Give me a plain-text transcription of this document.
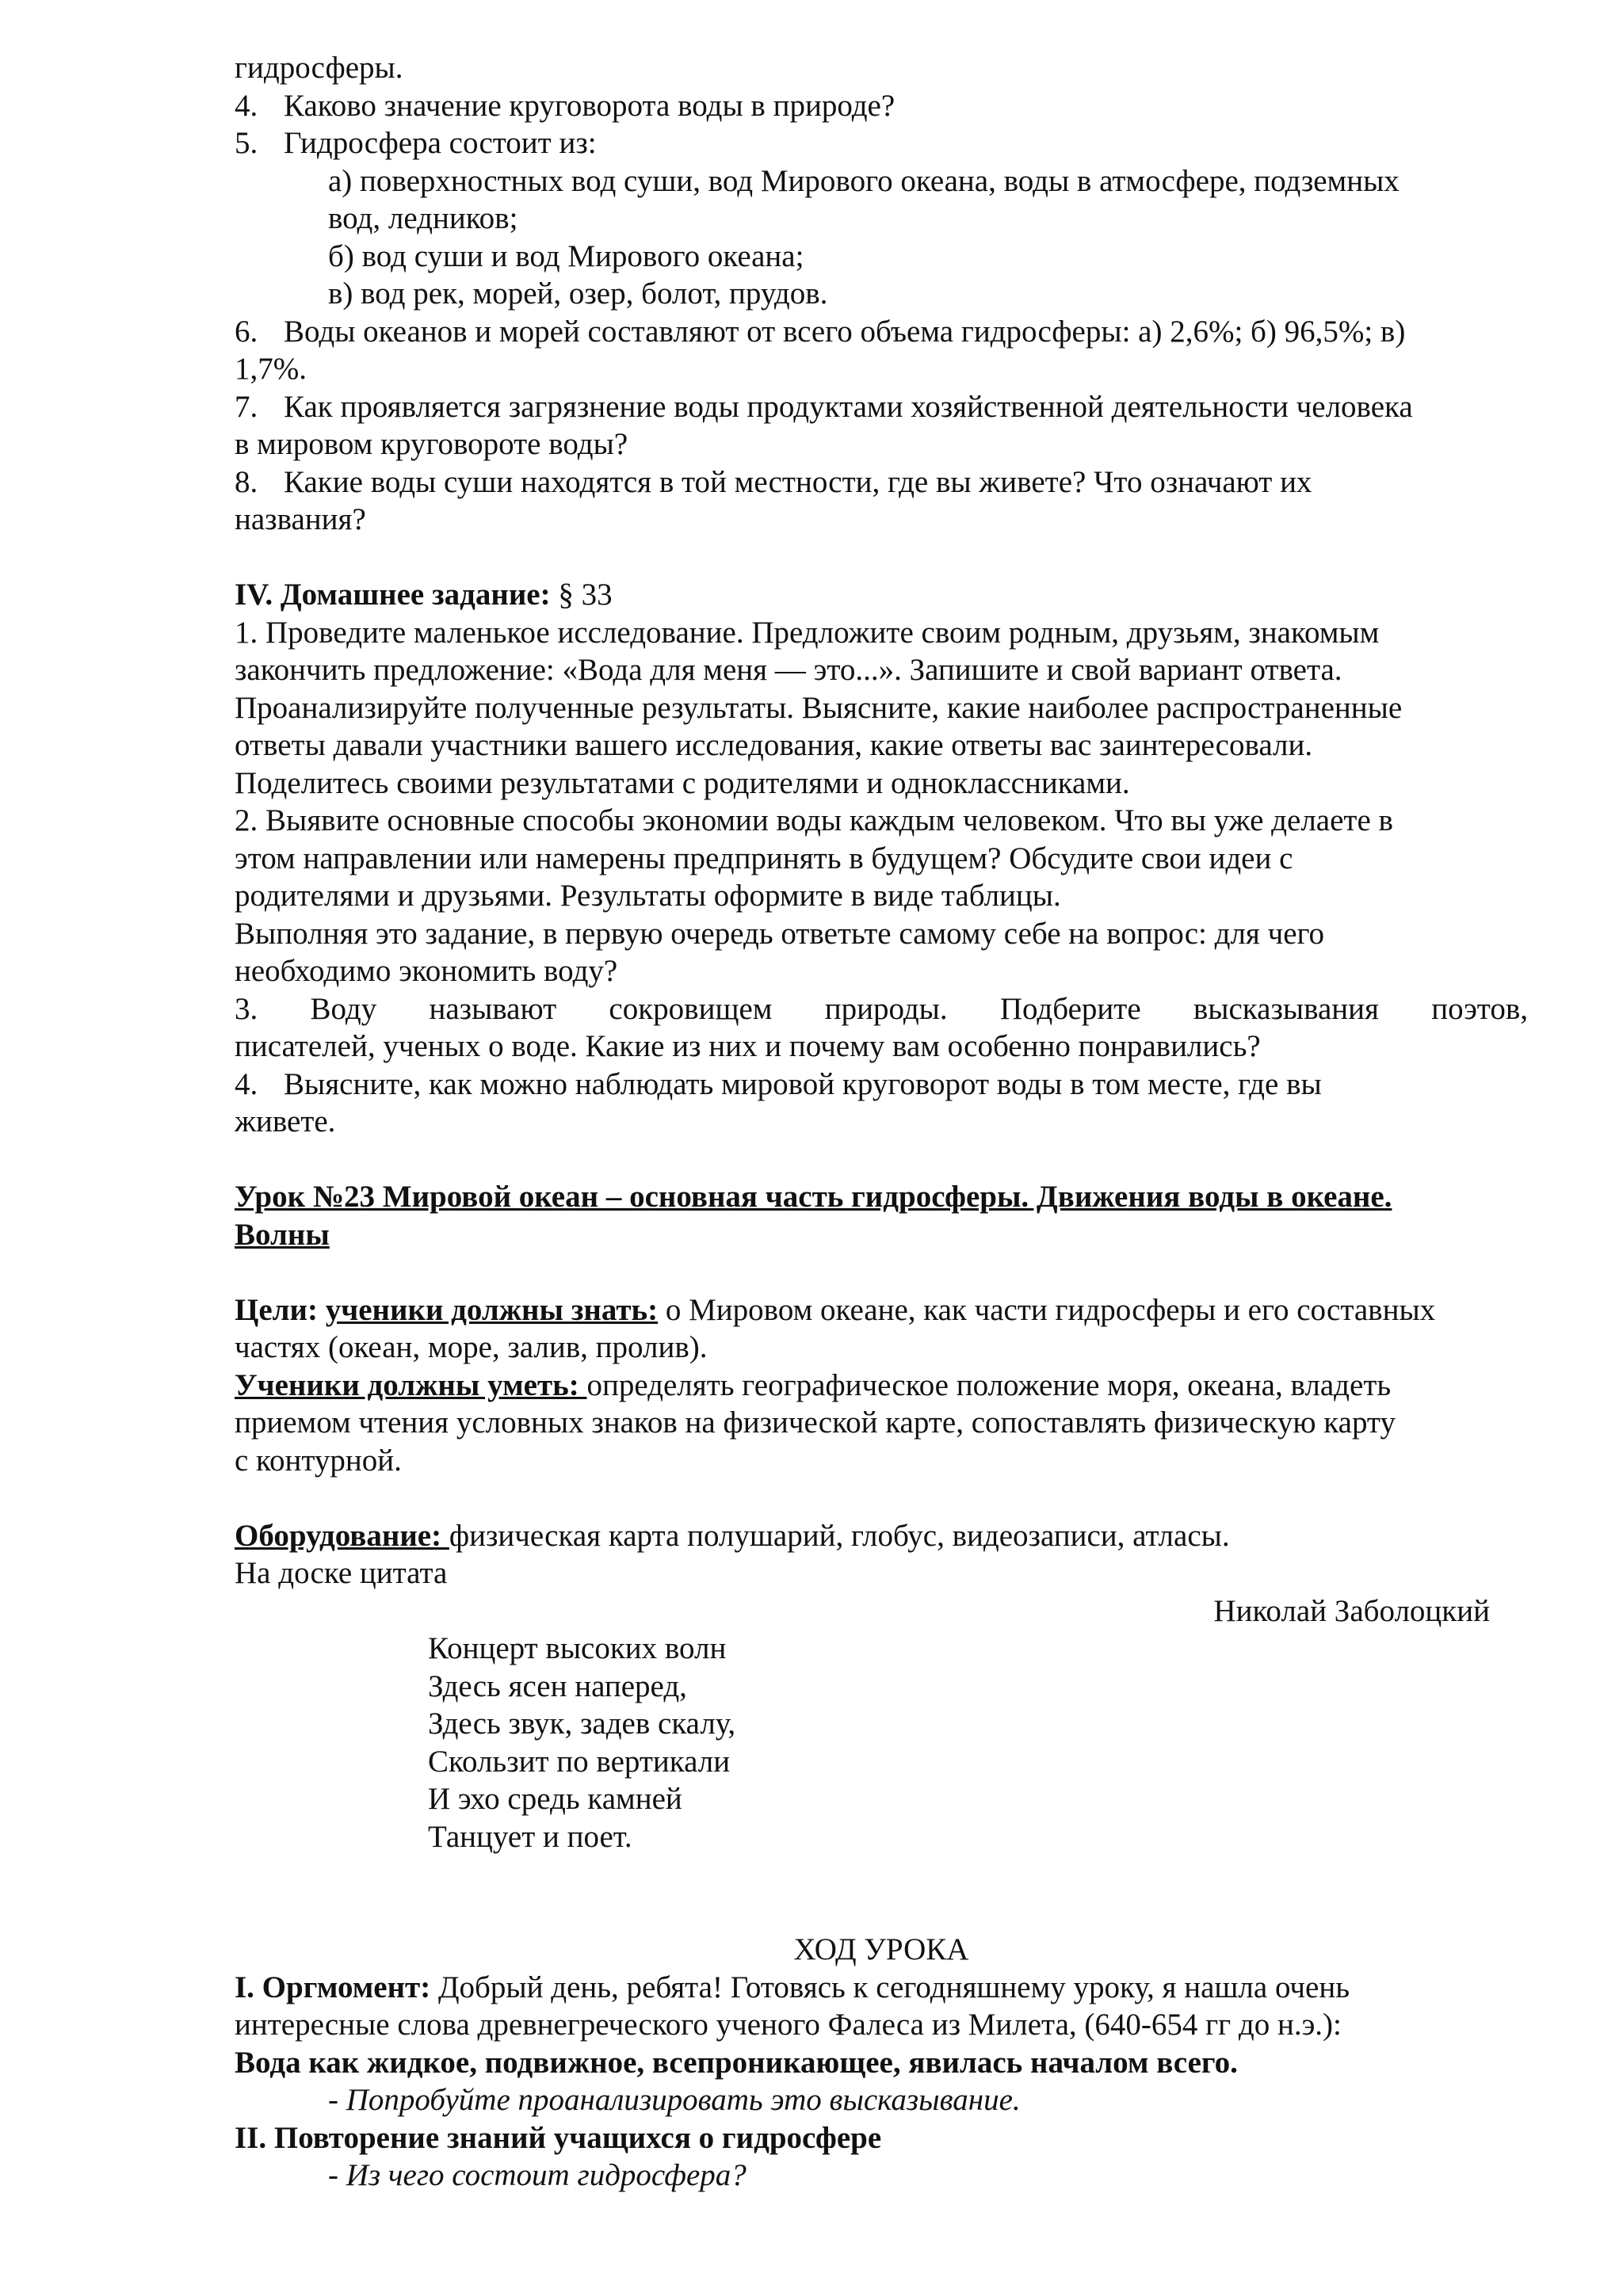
гидросферы.

4. Каково значение круговорота воды в природе?

5. Гидросфера состоит из:

а) поверхностных вод суши, вод Мирового океана, воды в атмосфере, подземных

вод, ледников;

б) вод суши и вод Мирового океана;

в) вод рек, морей, озер, болот, прудов.

6. Воды океанов и морей составляют от всего объема гидросферы: а) 2,6%; б) 96,5%; в)

1,7%.

7. Как проявляется загрязнение воды продуктами хозяйственной деятельности человека

в мировом круговороте воды?

8. Какие воды суши находятся в той местности, где вы живете? Что означают их

названия?

IV. Домашнее задание: § 33

1. Проведите маленькое исследование. Предложите своим родным, друзьям, знакомым

закончить предложение: «Вода для меня — это...». Запишите и свой вариант ответа.

Проанализируйте полученные результаты. Выясните, какие наиболее распространенные

ответы давали участники вашего исследования, какие ответы вас заинтересовали.

Поделитесь своими результатами с родителями и одноклассниками.

2. Выявите основные способы экономии воды каждым человеком. Что вы уже делаете в

этом направлении или намерены предпринять в будущем? Обсудите свои идеи с

родителями и друзьями. Результаты оформите в виде таблицы.

Выполняя это задание, в первую очередь ответьте самому себе на вопрос: для чего

необходимо экономить воду?

3. Воду называют сокровищем природы. Подберите высказывания поэтов,

писателей, ученых о воде. Какие из них и почему вам особенно понравились?

4. Выясните, как можно наблюдать мировой круговорот воды в том месте, где вы

живете.

Урок №23 Мировой океан – основная часть гидросферы. Движения воды в океане.

Волны

Цели: ученики должны знать: о Мировом океане, как части гидросферы и его составных

частях (океан, море, залив, пролив).

Ученики должны уметь: определять географическое положение моря, океана, владеть

приемом чтения условных знаков на физической карте, сопоставлять физическую карту

с контурной.

Оборудование: физическая карта полушарий, глобус, видеозаписи, атласы.

На доске цитата

Николай Заболоцкий

Концерт высоких волн

Здесь ясен наперед,

Здесь звук, задев скалу,

Скользит по вертикали

И эхо средь камней

Танцует и поет.

ХОД УРОКА

I. Оргмомент: Добрый день, ребята! Готовясь к сегодняшнему уроку, я нашла очень

интересные слова древнегреческого ученого Фалеса из Милета, (640-654 гг до н.э.):

Вода как жидкое, подвижное, всепроникающее, явилась началом всего.

- Попробуйте проанализировать это высказывание.

II. Повторение знаний учащихся о гидросфере

- Из чего состоит гидросфера?
